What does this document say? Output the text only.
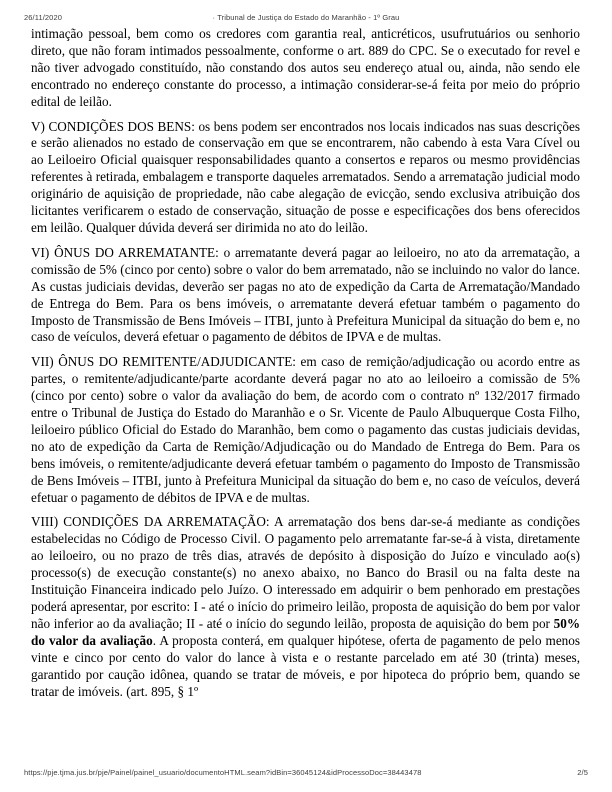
26/11/2020	· Tribunal de Justiça do Estado do Maranhão - 1º Grau

intimação pessoal, bem como os credores com garantia real, anticréticos, usufrutuários ou senhorio direto, que não foram intimados pessoalmente, conforme o art. 889 do CPC. Se o executado for revel e não tiver advogado constituído, não constando dos autos seu endereço atual ou, ainda, não sendo ele encontrado no endereço constante do processo, a intimação considerar-se-á feita por meio do próprio edital de leilão.

V) CONDIÇÕES DOS BENS: os bens podem ser encontrados nos locais indicados nas suas descrições e serão alienados no estado de conservação em que se encontrarem, não cabendo à esta Vara Cível ou ao Leiloeiro Oficial quaisquer responsabilidades quanto a consertos e reparos ou mesmo providências referentes à retirada, embalagem e transporte daqueles arrematados. Sendo a arrematação judicial modo originário de aquisição de propriedade, não cabe alegação de evicção, sendo exclusiva atribuição dos licitantes verificarem o estado de conservação, situação de posse e especificações dos bens oferecidos em leilão. Qualquer dúvida deverá ser dirimida no ato do leilão.

VI) ÔNUS DO ARREMATANTE: o arrematante deverá pagar ao leiloeiro, no ato da arrematação, a comissão de 5% (cinco por cento) sobre o valor do bem arrematado, não se incluindo no valor do lance. As custas judiciais devidas, deverão ser pagas no ato de expedição da Carta de Arrematação/Mandado de Entrega do Bem. Para os bens imóveis, o arrematante deverá efetuar também o pagamento do Imposto de Transmissão de Bens Imóveis – ITBI, junto à Prefeitura Municipal da situação do bem e, no caso de veículos, deverá efetuar o pagamento de débitos de IPVA e de multas.

VII) ÔNUS DO REMITENTE/ADJUDICANTE: em caso de remição/adjudicação ou acordo entre as partes, o remitente/adjudicante/parte acordante deverá pagar no ato ao leiloeiro a comissão de 5% (cinco por cento) sobre o valor da avaliação do bem, de acordo com o contrato nº 132/2017 firmado entre o Tribunal de Justiça do Estado do Maranhão e o Sr. Vicente de Paulo Albuquerque Costa Filho, leiloeiro público Oficial do Estado do Maranhão, bem como o pagamento das custas judiciais devidas, no ato de expedição da Carta de Remição/Adjudicação ou do Mandado de Entrega do Bem. Para os bens imóveis, o remitente/adjudicante deverá efetuar também o pagamento do Imposto de Transmissão de Bens Imóveis – ITBI, junto à Prefeitura Municipal da situação do bem e, no caso de veículos, deverá efetuar o pagamento de débitos de IPVA e de multas.

VIII) CONDIÇÕES DA ARREMATAÇÃO: A arrematação dos bens dar-se-á mediante as condições estabelecidas no Código de Processo Civil. O pagamento pelo arrematante far-se-á à vista, diretamente ao leiloeiro, ou no prazo de três dias, através de depósito à disposição do Juízo e vinculado ao(s) processo(s) de execução constante(s) no anexo abaixo, no Banco do Brasil ou na falta deste na Instituição Financeira indicado pelo Juízo. O interessado em adquirir o bem penhorado em prestações poderá apresentar, por escrito: I - até o início do primeiro leilão, proposta de aquisição do bem por valor não inferior ao da avaliação; II - até o início do segundo leilão, proposta de aquisição do bem por 50% do valor da avaliação. A proposta conterá, em qualquer hipótese, oferta de pagamento de pelo menos vinte e cinco por cento do valor do lance à vista e o restante parcelado em até 30 (trinta) meses, garantido por caução idônea, quando se tratar de móveis, e por hipoteca do próprio bem, quando se tratar de imóveis. (art. 895, § 1º

https://pje.tjma.jus.br/pje/Painel/painel_usuario/documentoHTML.seam?idBin=36045124&idProcessoDoc=38443478	2/5
